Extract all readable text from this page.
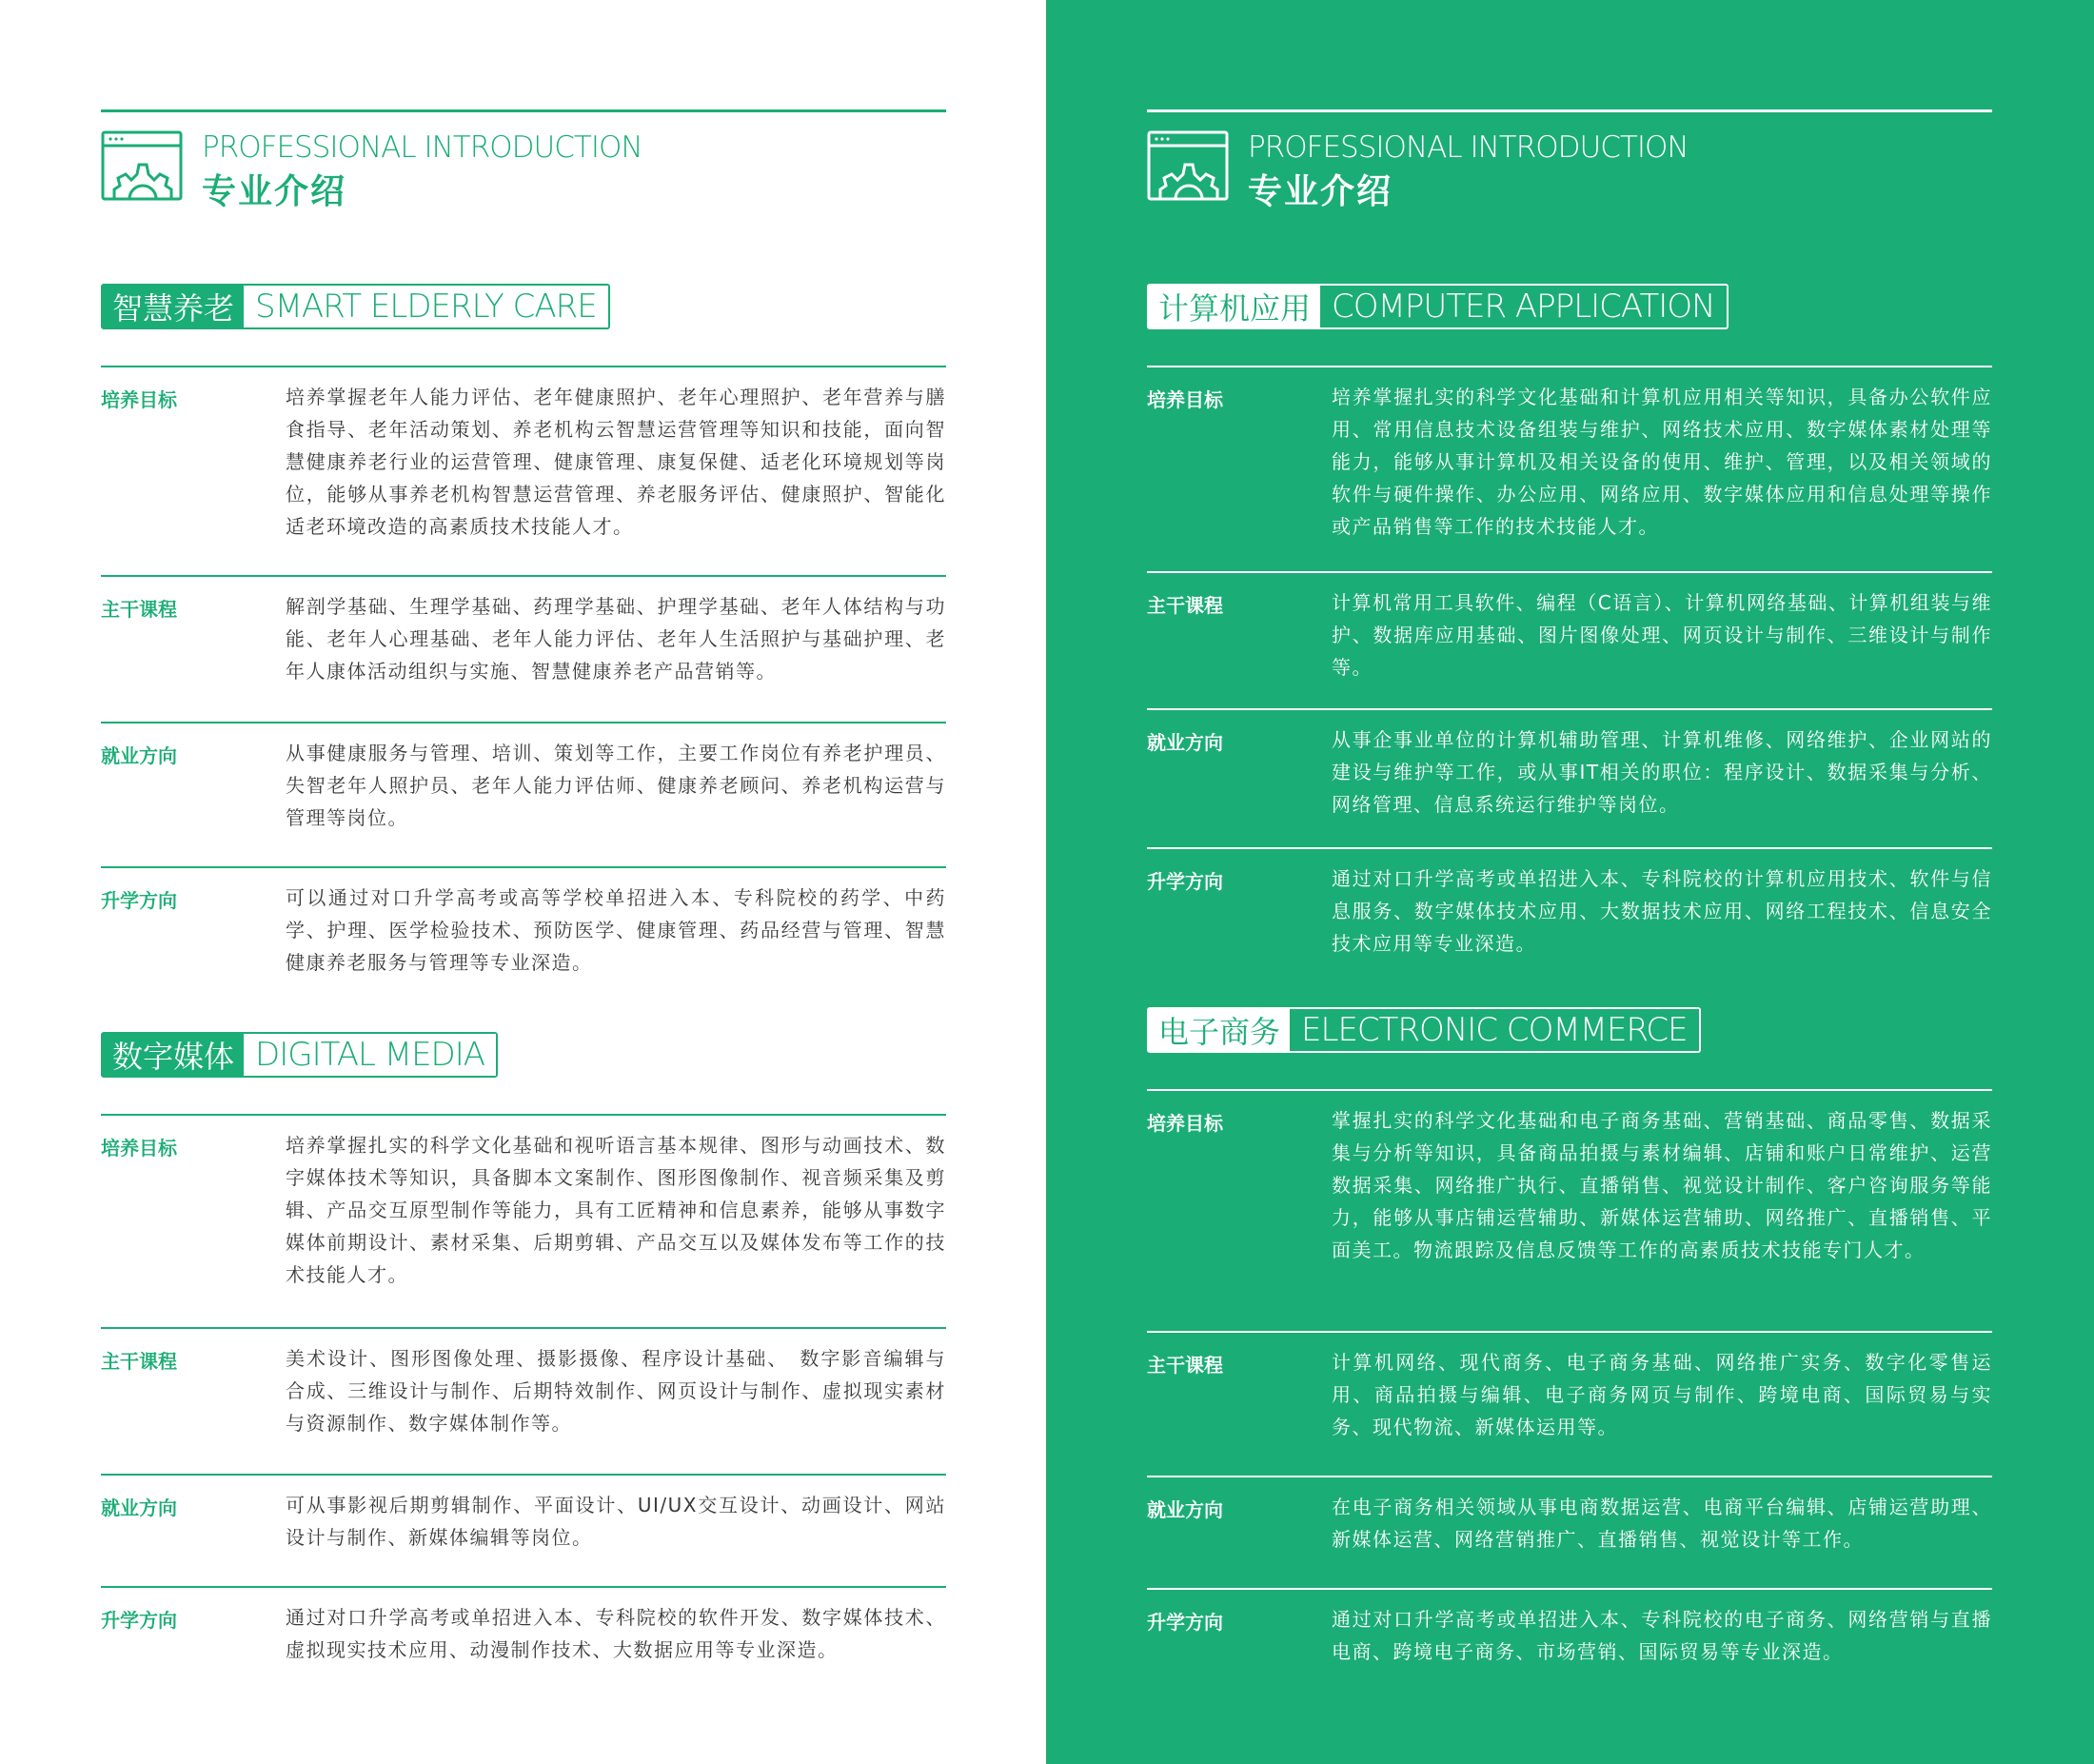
PROFESSIONAL INTRODUCTION
专业介绍
智慧养老 SMART ELDERLY CARE
培养目标	培养掌握老年人能力评估、老年健康照护、老年心理照护、老年营养与膳食指导、老年活动策划、养老机构云智慧运营管理等知识和技能，面向智慧健康养老行业的运营管理、健康管理、康复保健、适老化环境规划等岗位，能够从事养老机构智慧运营管理、养老服务评估、健康照护、智能化适老环境改造的高素质技术技能人才。
主干课程	解剖学基础、生理学基础、药理学基础、护理学基础、老年人体结构与功能、老年人心理基础、老年人能力评估、老年人生活照护与基础护理、老年人康体活动组织与实施、智慧健康养老产品营销等。
就业方向	从事健康服务与管理、培训、策划等工作，主要工作岗位有养老护理员、失智老年人照护员、老年人能力评估师、健康养老顾问、养老机构运营与管理等岗位。
升学方向	可以通过对口升学高考或高等学校单招进入本、专科院校的药学、中药学、护理、医学检验技术、预防医学、健康管理、药品经营与管理、智慧健康养老服务与管理等专业深造。
数字媒体 DIGITAL MEDIA
培养目标	培养掌握扎实的科学文化基础和视听语言基本规律、图形与动画技术、数字媒体技术等知识，具备脚本文案制作、图形图像制作、视音频采集及剪辑、产品交互原型制作等能力，具有工匠精神和信息素养，能够从事数字媒体前期设计、素材采集、后期剪辑、产品交互以及媒体发布等工作的技术技能人才。
主干课程	美术设计、图形图像处理、摄影摄像、程序设计基础、　数字影音编辑与合成、三维设计与制作、后期特效制作、网页设计与制作、虚拟现实素材与资源制作、数字媒体制作等。
就业方向	可从事影视后期剪辑制作、平面设计、UI/UX交互设计、动画设计、网站设计与制作、新媒体编辑等岗位。
升学方向	通过对口升学高考或单招进入本、专科院校的软件开发、数字媒体技术、虚拟现实技术应用、动漫制作技术、大数据应用等专业深造。
PROFESSIONAL INTRODUCTION
专业介绍
计算机应用 COMPUTER APPLICATION
培养目标	培养掌握扎实的科学文化基础和计算机应用相关等知识，具备办公软件应用、常用信息技术设备组装与维护、网络技术应用、数字媒体素材处理等能力，能够从事计算机及相关设备的使用、维护、管理，以及相关领域的软件与硬件操作、办公应用、网络应用、数字媒体应用和信息处理等操作或产品销售等工作的技术技能人才。
主干课程	计算机常用工具软件、编程（C语言）、计算机网络基础、计算机组装与维护、数据库应用基础、图片图像处理、网页设计与制作、三维设计与制作等。
就业方向	从事企事业单位的计算机辅助管理、计算机维修、网络维护、企业网站的建设与维护等工作，或从事IT相关的职位：程序设计、数据采集与分析、网络管理、信息系统运行维护等岗位。
升学方向	通过对口升学高考或单招进入本、专科院校的计算机应用技术、软件与信息服务、数字媒体技术应用、大数据技术应用、网络工程技术、信息安全技术应用等专业深造。
电子商务 ELECTRONIC COMMERCE
培养目标	掌握扎实的科学文化基础和电子商务基础、营销基础、商品零售、数据采集与分析等知识，具备商品拍摄与素材编辑、店铺和账户日常维护、运营数据采集、网络推广执行、直播销售、视觉设计制作、客户咨询服务等能力，能够从事店铺运营辅助、新媒体运营辅助、网络推广、直播销售、平面美工。物流跟踪及信息反馈等工作的高素质技术技能专门人才。
主干课程	计算机网络、现代商务、电子商务基础、网络推广实务、数字化零售运用、商品拍摄与编辑、电子商务网页与制作、跨境电商、国际贸易与实务、现代物流、新媒体运用等。
就业方向	在电子商务相关领域从事电商数据运营、电商平台编辑、店铺运营助理、新媒体运营、网络营销推广、直播销售、视觉设计等工作。
升学方向	通过对口升学高考或单招进入本、专科院校的电子商务、网络营销与直播电商、跨境电子商务、市场营销、国际贸易等专业深造。
